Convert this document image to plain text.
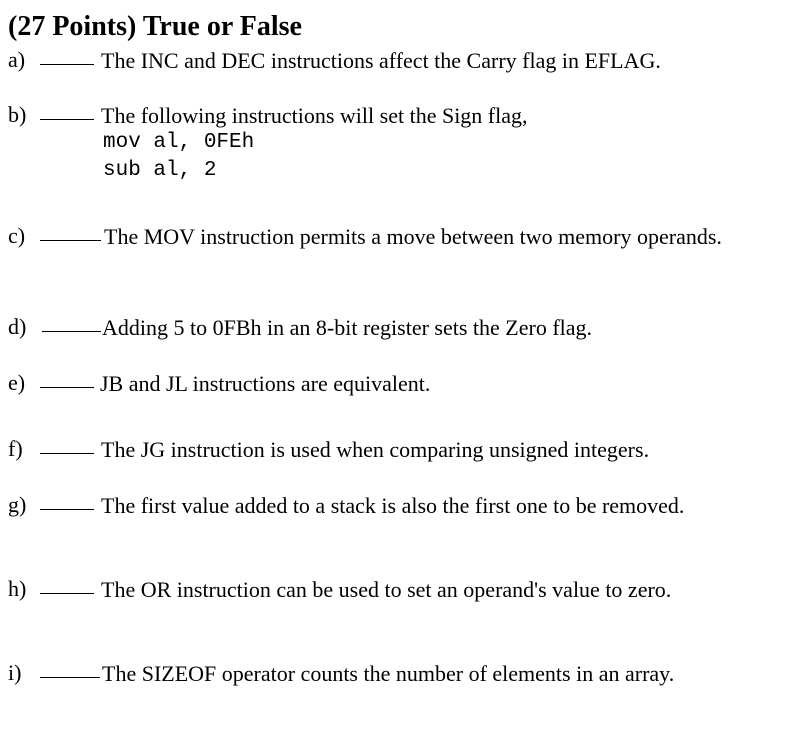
(27 Points) True or False
a)	The INC and DEC instructions affect the Carry flag in EFLAG.
b)	The following instructions will set the Sign flag,
mov al, 0FEh
sub al, 2
c)	The MOV instruction permits a move between two memory operands.
d)	Adding 5 to 0FBh in an 8-bit register sets the Zero flag.
e)	JB and JL instructions are equivalent.
f)	The JG instruction is used when comparing unsigned integers.
g)	The first value added to a stack is also the first one to be removed.
h)	The OR instruction can be used to set an operand's value to zero.
i)	The SIZEOF operator counts the number of elements in an array.
